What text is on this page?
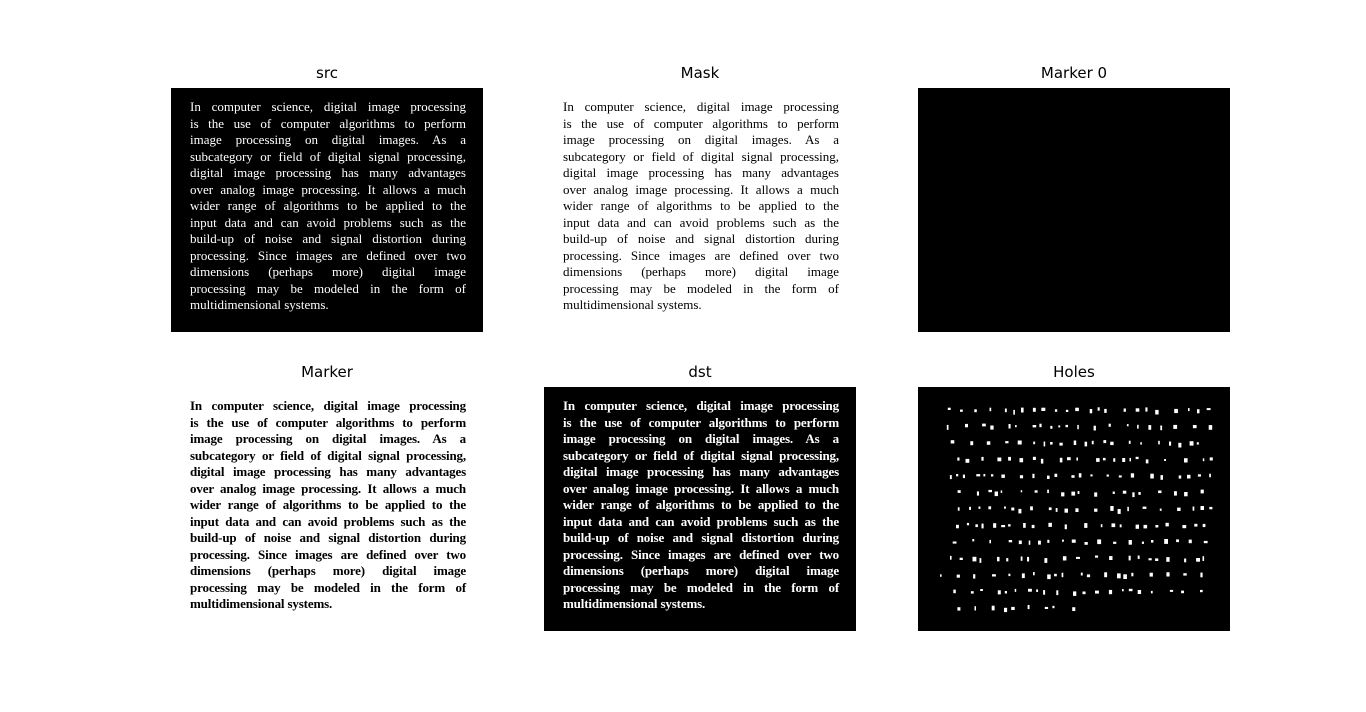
src
In computer science, digital image processing
is the use of computer algorithms to perform
image processing on digital images. As a
subcategory or field of digital signal processing,
digital image processing has many advantages
over analog image processing. It allows a much
wider range of algorithms to be applied to the
input data and can avoid problems such as the
build-up of noise and signal distortion during
processing. Since images are defined over two
dimensions (perhaps more) digital image
processing may be modeled in the form of
multidimensional systems.
Mask
In computer science, digital image processing
is the use of computer algorithms to perform
image processing on digital images. As a
subcategory or field of digital signal processing,
digital image processing has many advantages
over analog image processing. It allows a much
wider range of algorithms to be applied to the
input data and can avoid problems such as the
build-up of noise and signal distortion during
processing. Since images are defined over two
dimensions (perhaps more) digital image
processing may be modeled in the form of
multidimensional systems.
Marker 0
Marker
In computer science, digital image processing
is the use of computer algorithms to perform
image processing on digital images. As a
subcategory or field of digital signal processing,
digital image processing has many advantages
over analog image processing. It allows a much
wider range of algorithms to be applied to the
input data and can avoid problems such as the
build-up of noise and signal distortion during
processing. Since images are defined over two
dimensions (perhaps more) digital image
processing may be modeled in the form of
multidimensional systems.
dst
In computer science, digital image processing
is the use of computer algorithms to perform
image processing on digital images. As a
subcategory or field of digital signal processing,
digital image processing has many advantages
over analog image processing. It allows a much
wider range of algorithms to be applied to the
input data and can avoid problems such as the
build-up of noise and signal distortion during
processing. Since images are defined over two
dimensions (perhaps more) digital image
processing may be modeled in the form of
multidimensional systems.
Holes
